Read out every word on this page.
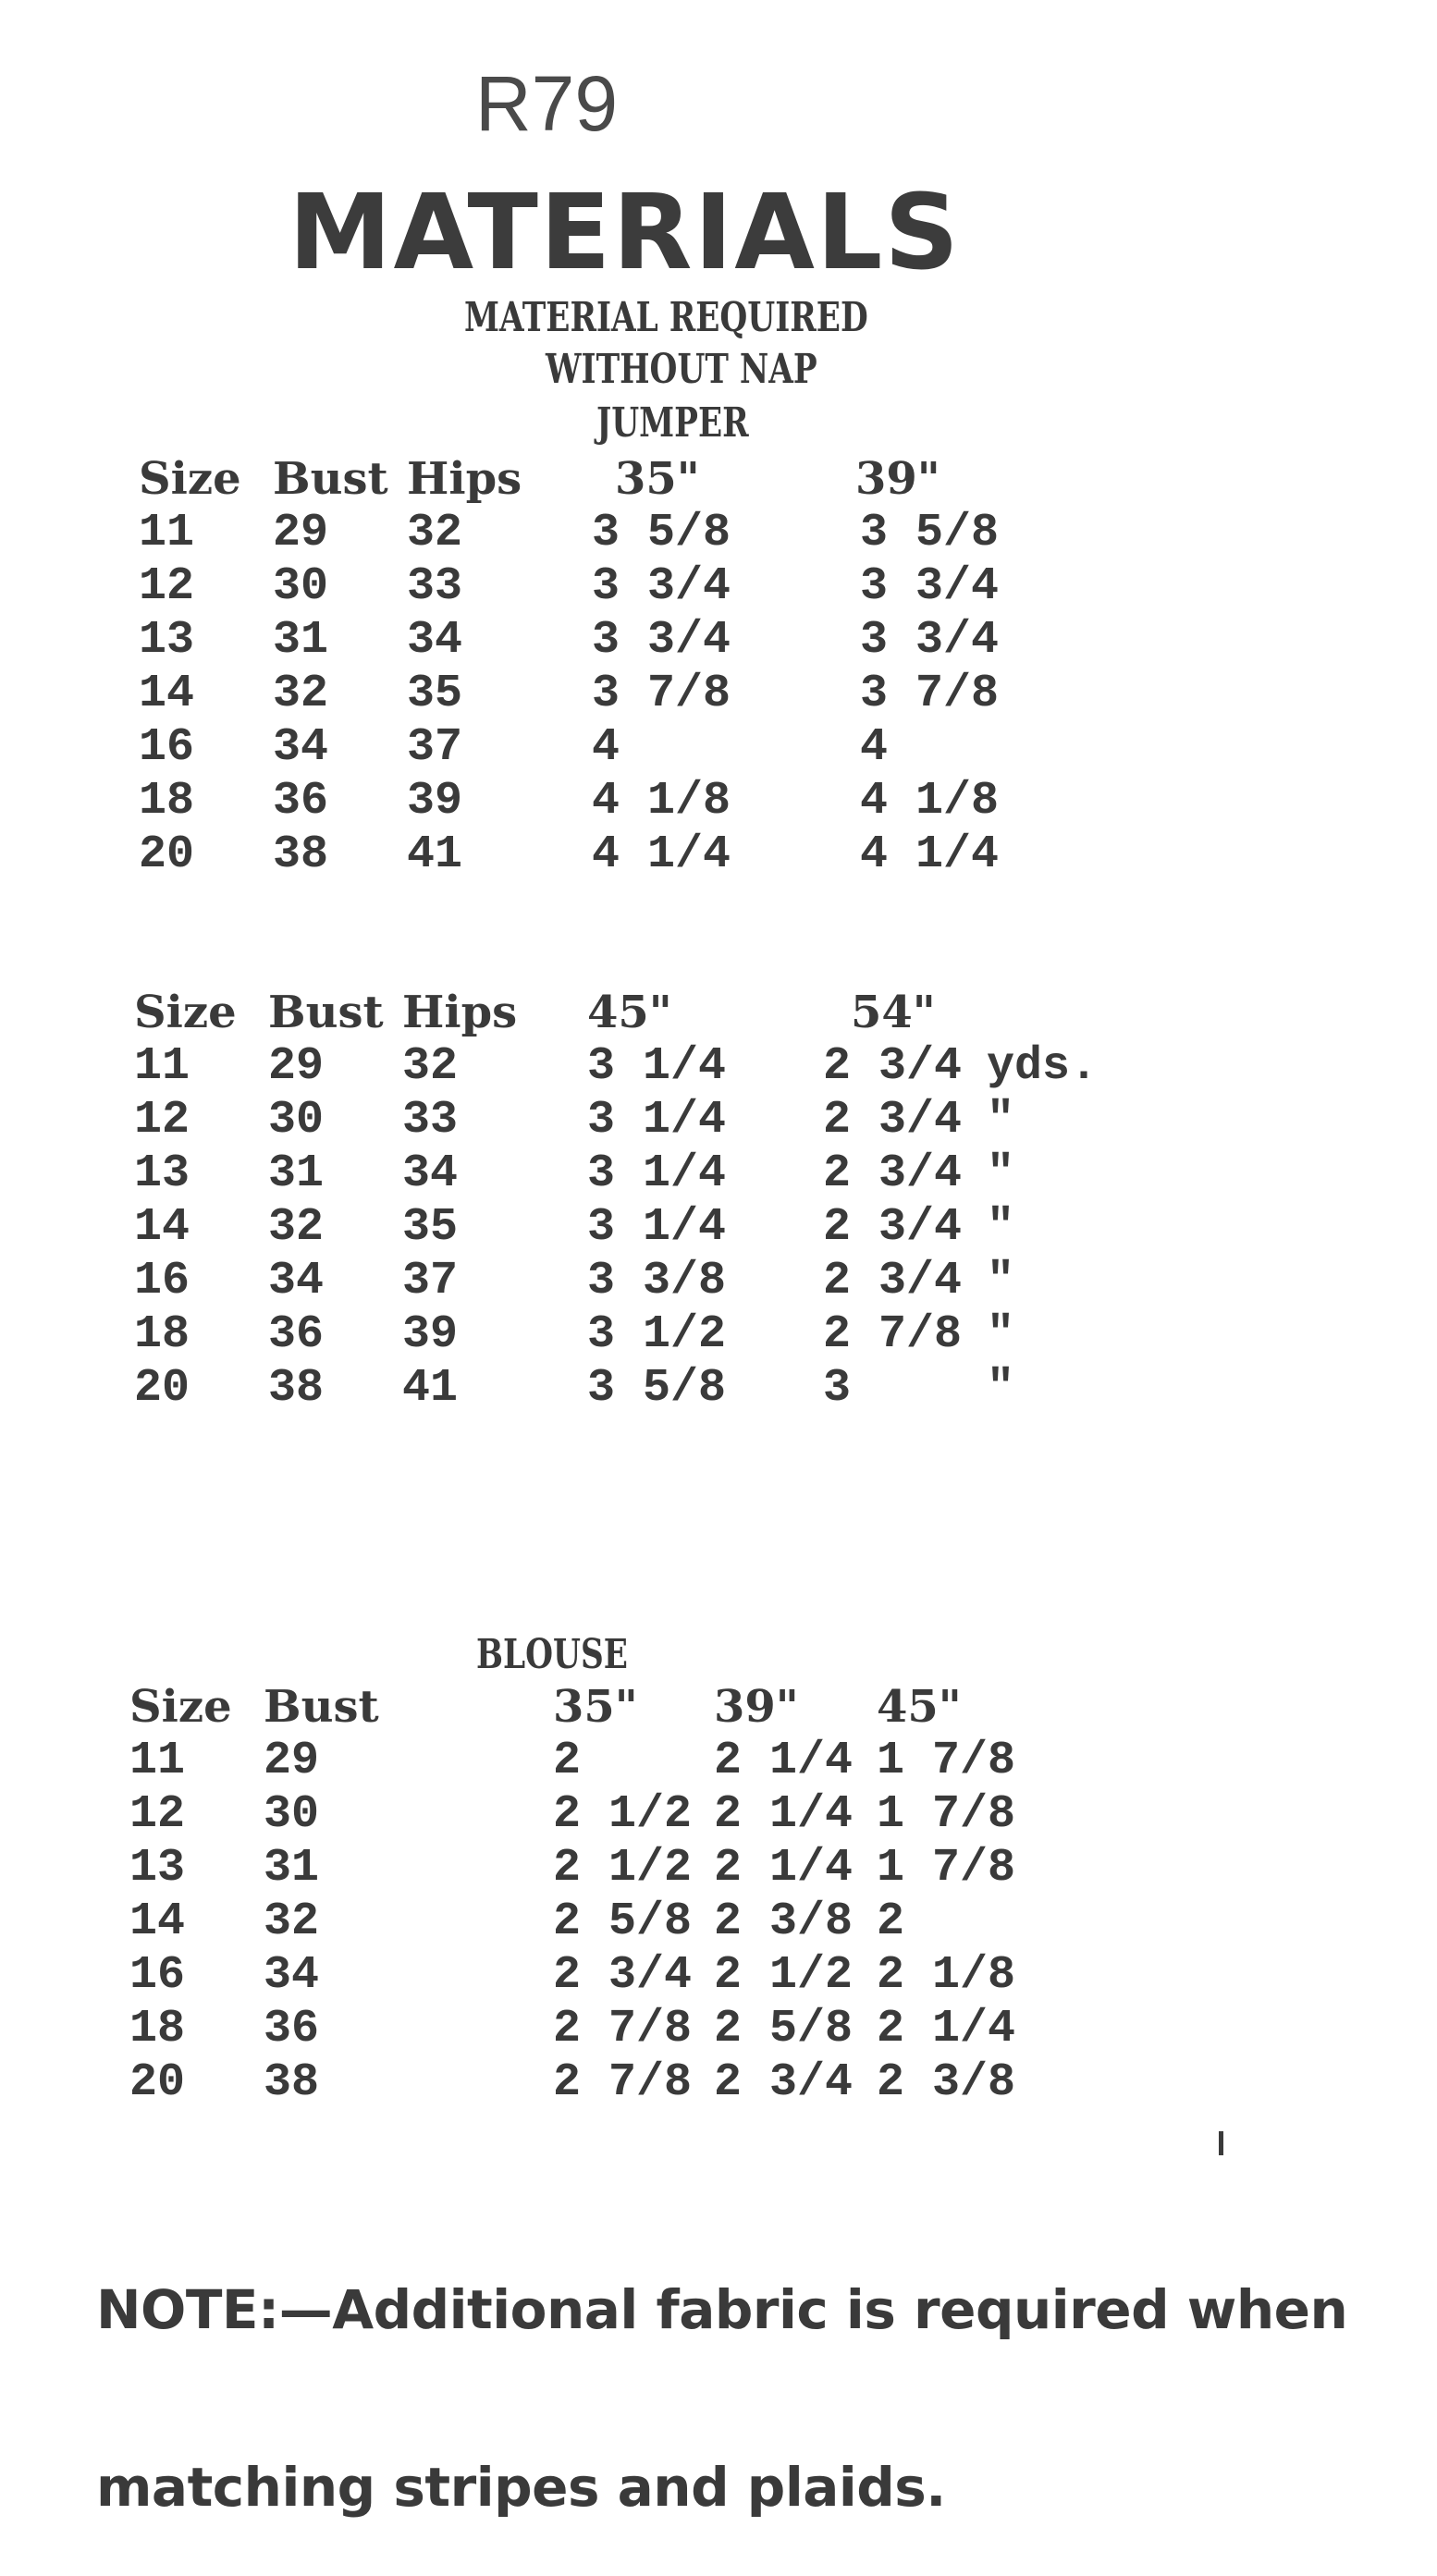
R79
MATERIALS
MATERIAL REQUIRED
WITHOUT NAP
JUMPER
Size Bust Hips 35"	39"
11 29 32	3 5/8	3 5/8
12 30 33	3 3/4	3 3/4
13 31 34	3 3/4	3 3/4
14 32 35	3 7/8	3 7/8
16 34 37	4	4
18 36 39	4 1/8	4 1/8
20 38 41	4 1/4	4 1/4
Size Bust Hips 45"	54"
11 29 32	3 1/4 2 3/4 yds.
12 30 33	3 1/4 2 3/4 "
13 31 34	3 1/4 2 3/4 "
14 32 35	3 1/4 2 3/4 "
16 34 37	3 3/8 2 3/4 "
18 36 39	3 1/2 2 7/8 "
20 38 41	3 5/8 3	"
BLOUSE
Size Bust	35" 39" 45"
11 29	2	2 1/4 1 7/8
12 30	2 1/2 2 1/4 1 7/8
13 31	2 1/2 2 1/4 1 7/8
14 32	2 5/8 2 3/8 2
16 34	2 3/4 2 1/2 2 1/8
18 36	2 7/8 2 5/8 2 1/4
20 38	2 7/8 2 3/4 2 3/8

NOTE:—Additional fabric is required when

matching stripes and plaids.
